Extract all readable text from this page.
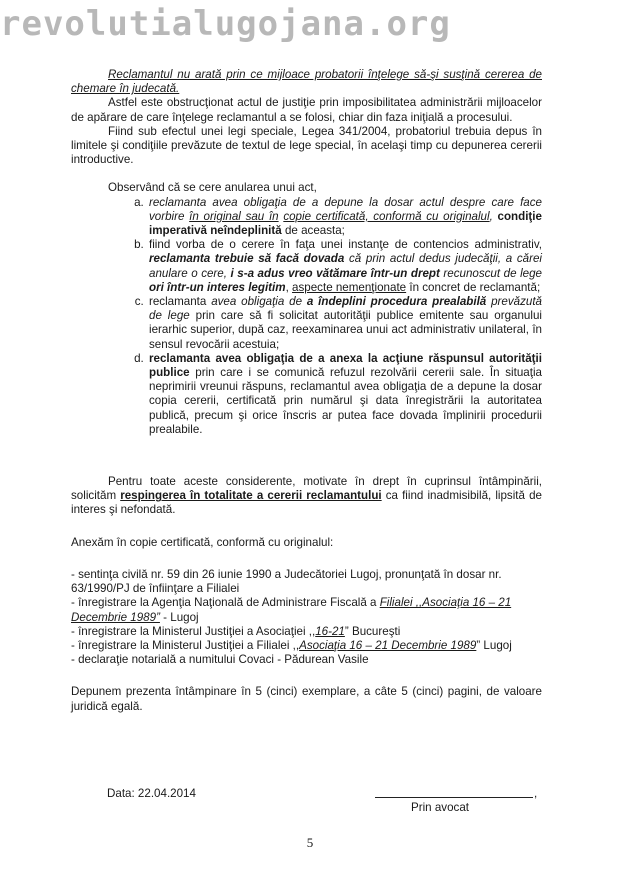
revolutialugojana.org

Reclamantul nu arată prin ce mijloace probatorii înţelege să-şi susţină cererea de chemare în judecată.

Astfel este obstrucţionat actul de justiţie prin imposibilitatea administrării mijloacelor de apărare de care înţelege reclamantul a se folosi, chiar din faza iniţială a procesului.

Fiind sub efectul unei legi speciale, Legea 341/2004, probatoriul trebuia depus în limitele şi condiţiile prevăzute de textul de lege special, în acelaşi timp cu depunerea cererii introductive.

Observând că se cere anularea unui act,

a. reclamanta avea obligaţia de a depune la dosar actul despre care face vorbire în original sau în copie certificată, conformă cu originalul, condiţie imperativă neîndeplinită de aceasta;
b. fiind vorba de o cerere în faţa unei instanţe de contencios administrativ, reclamanta trebuie să facă dovada că prin actul dedus judecăţii, a cărei anulare o cere, i s-a adus vreo vătămare într-un drept recunoscut de lege ori într-un interes legitim, aspecte nemenţionate în concret de reclamantă;
c. reclamanta avea obligaţia de a îndeplini procedura prealabilă prevăzută de lege prin care să fi solicitat autorităţii publice emitente sau organului ierarhic superior, după caz, reexaminarea unui act administrativ unilateral, în sensul revocării acestuia;
d. reclamanta avea obligaţia de a anexa la acţiune răspunsul autorităţii publice prin care i se comunică refuzul rezolvării cererii sale. În situaţia neprimirii vreunui răspuns, reclamantul avea obligaţia de a depune la dosar copia cererii, certificată prin numărul şi data înregistrării la autoritatea publică, precum şi orice înscris ar putea face dovada împlinirii procedurii prealabile.

Pentru toate aceste considerente, motivate în drept în cuprinsul întâmpinării, solicităm respingerea în totalitate a cererii reclamantului ca fiind inadmisibilă, lipsită de interes şi nefondată.

Anexăm în copie certificată, conformă cu originalul:

- sentinţa civilă nr. 59 din 26 iunie 1990 a Judecătoriei Lugoj, pronunţată în dosar nr. 63/1990/PJ de înfiinţare a Filialei

- înregistrare la Agenţia Naţională de Administrare Fiscală a Filialei ,,Asociaţia 16 – 21 Decembrie 1989” - Lugoj

- înregistrare la Ministerul Justiţiei a Asociaţiei ,,16-21” Bucureşti

- înregistrare la Ministerul Justiţiei a Filialei ,,Asociaţia 16 – 21 Decembrie 1989” Lugoj

- declaraţie notarială a numitului Covaci - Pădurean Vasile

Depunem prezenta întâmpinare în 5 (cinci) exemplare, a câte 5 (cinci) pagini, de valoare juridică egală.

Data: 22.04.2014	,
Prin avocat
5
